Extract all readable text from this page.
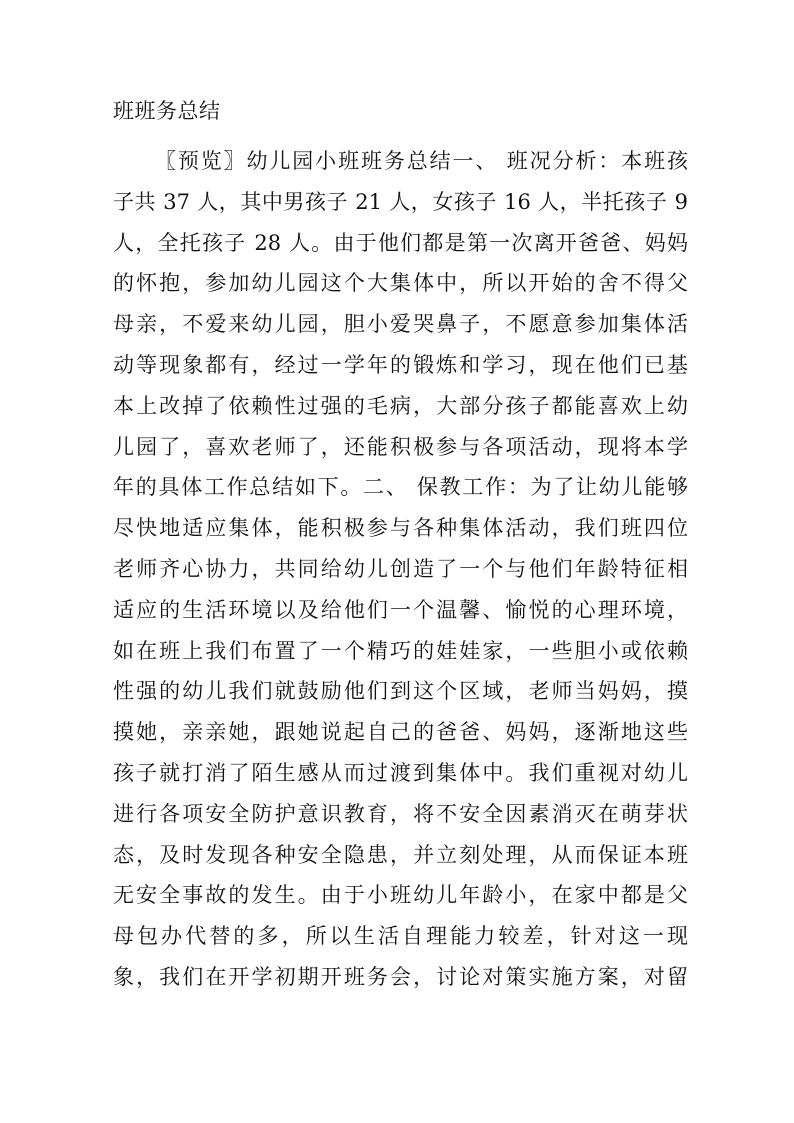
班班务总结
〖预览〗幼儿园小班班务总结一、 班况分析：本班孩
子共 37 人，其中男孩子 21 人，女孩子 16 人，半托孩子 9
人，全托孩子 28 人。由于他们都是第一次离开爸爸、妈妈
的怀抱，参加幼儿园这个大集体中，所以开始的舍不得父
母亲，不爱来幼儿园，胆小爱哭鼻子，不愿意参加集体活
动等现象都有，经过一学年的锻炼和学习，现在他们已基
本上改掉了依赖性过强的毛病，大部分孩子都能喜欢上幼
儿园了，喜欢老师了，还能积极参与各项活动，现将本学
年的具体工作总结如下。二、 保教工作：为了让幼儿能够
尽快地适应集体，能积极参与各种集体活动，我们班四位
老师齐心协力，共同给幼儿创造了一个与他们年龄特征相
适应的生活环境以及给他们一个温馨、愉悦的心理环境，
如在班上我们布置了一个精巧的娃娃家，一些胆小或依赖
性强的幼儿我们就鼓励他们到这个区域，老师当妈妈，摸
摸她，亲亲她，跟她说起自己的爸爸、妈妈，逐渐地这些
孩子就打消了陌生感从而过渡到集体中。我们重视对幼儿
进行各项安全防护意识教育，将不安全因素消灭在萌芽状
态，及时发现各种安全隐患，并立刻处理，从而保证本班
无安全事故的发生。由于小班幼儿年龄小，在家中都是父
母包办代替的多，所以生活自理能力较差，针对这一现
象，我们在开学初期开班务会，讨论对策实施方案，对留
